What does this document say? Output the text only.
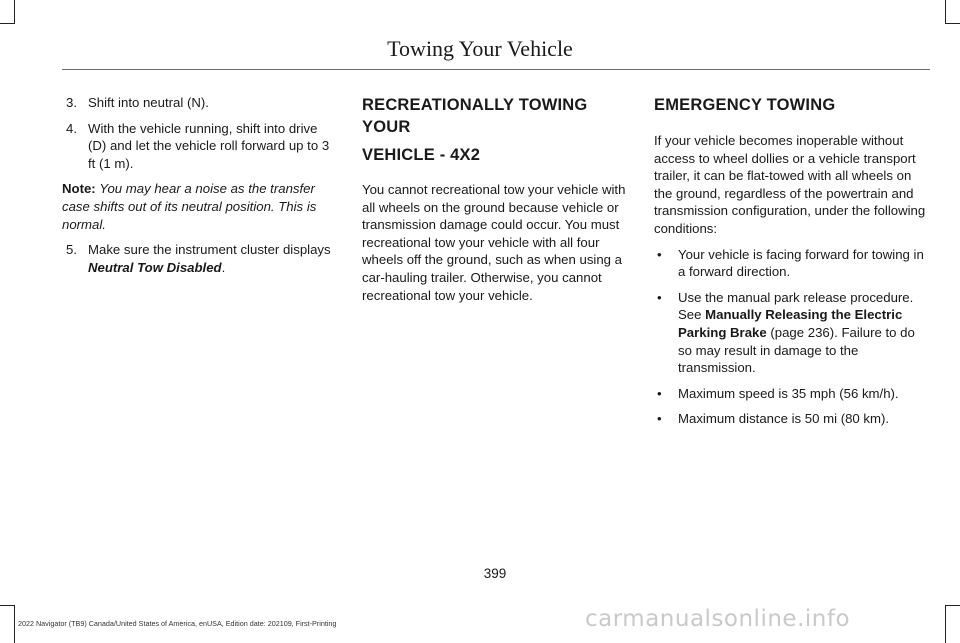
Towing Your Vehicle
3. Shift into neutral (N).
4. With the vehicle running, shift into drive (D) and let the vehicle roll forward up to 3 ft (1 m).
Note: You may hear a noise as the transfer case shifts out of its neutral position. This is normal.
5. Make sure the instrument cluster displays Neutral Tow Disabled.
RECREATIONALLY TOWING YOUR
VEHICLE - 4X2

You cannot recreational tow your vehicle with all wheels on the ground because vehicle or transmission damage could occur. You must recreational tow your vehicle with all four wheels off the ground, such as when using a car-hauling trailer. Otherwise, you cannot recreational tow your vehicle.

EMERGENCY TOWING

If your vehicle becomes inoperable without access to wheel dollies or a vehicle transport trailer, it can be flat-towed with all wheels on the ground, regardless of the powertrain and transmission configuration, under the following conditions:

• Your vehicle is facing forward for towing in a forward direction.
• Use the manual park release procedure. See Manually Releasing the Electric Parking Brake (page 236). Failure to do so may result in damage to the transmission.
• Maximum speed is 35 mph (56 km/h).
• Maximum distance is 50 mi (80 km).
399
2022 Navigator (TB9) Canada/United States of America, enUSA, Edition date: 202109, First-Printing	carmanualsonline.info
